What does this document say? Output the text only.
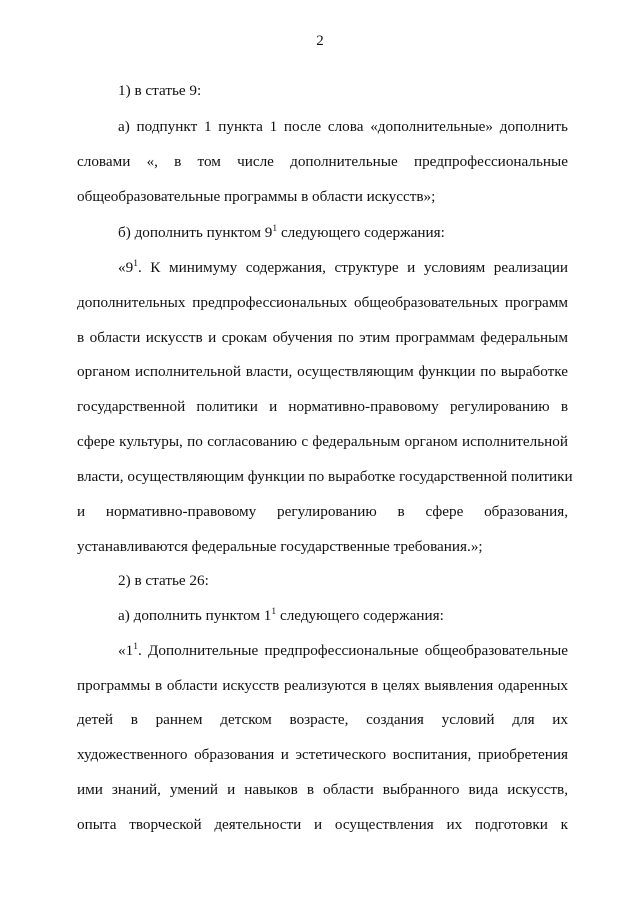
2

1) в статье 9:

а) подпункт 1 пункта 1 после слова «дополнительные» дополнить

словами «, в том числе дополнительные предпрофессиональные

общеобразовательные программы в области искусств»;

б) дополнить пунктом $9^1$ следующего содержания:

«$9^1$. К минимуму содержания, структуре и условиям реализации

дополнительных предпрофессиональных общеобразовательных программ

в области искусств и срокам обучения по этим программам федеральным

органом исполнительной власти, осуществляющим функции по выработке

государственной политики и нормативно-правовому регулированию в

сфере культуры, по согласованию с федеральным органом исполнительной

власти, осуществляющим функции по выработке государственной политики

и нормативно-правовому регулированию в сфере образования,

устанавливаются федеральные государственные требования.»;

2) в статье 26:

а) дополнить пунктом $1^1$ следующего содержания:

«$1^1$. Дополнительные предпрофессиональные общеобразовательные

программы в области искусств реализуются в целях выявления одаренных

детей в раннем детском возрасте, создания условий для их

художественного образования и эстетического воспитания, приобретения

ими знаний, умений и навыков в области выбранного вида искусств,

опыта творческой деятельности и осуществления их подготовки к
